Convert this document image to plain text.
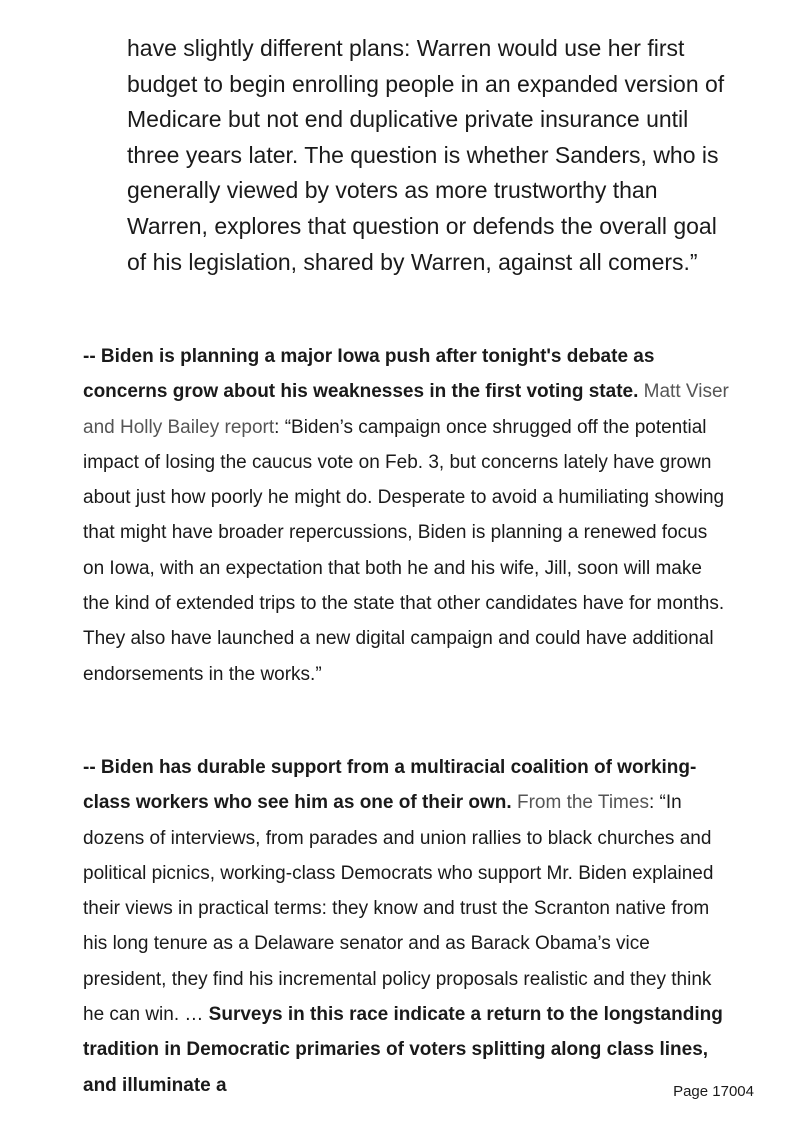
have slightly different plans: Warren would use her first budget to begin enrolling people in an expanded version of Medicare but not end duplicative private insurance until three years later. The question is whether Sanders, who is generally viewed by voters as more trustworthy than Warren, explores that question or defends the overall goal of his legislation, shared by Warren, against all comers.”

-- Biden is planning a major Iowa push after tonight's debate as concerns grow about his weaknesses in the first voting state. Matt Viser and Holly Bailey report: “Biden’s campaign once shrugged off the potential impact of losing the caucus vote on Feb. 3, but concerns lately have grown about just how poorly he might do. Desperate to avoid a humiliating showing that might have broader repercussions, Biden is planning a renewed focus on Iowa, with an expectation that both he and his wife, Jill, soon will make the kind of extended trips to the state that other candidates have for months. They also have launched a new digital campaign and could have additional endorsements in the works.”

-- Biden has durable support from a multiracial coalition of working-class workers who see him as one of their own. From the Times: “In dozens of interviews, from parades and union rallies to black churches and political picnics, working-class Democrats who support Mr. Biden explained their views in practical terms: they know and trust the Scranton native from his long tenure as a Delaware senator and as Barack Obama’s vice president, they find his incremental policy proposals realistic and they think he can win. … Surveys in this race indicate a return to the longstanding tradition in Democratic primaries of voters splitting along class lines, and illuminate a	Page 17004
